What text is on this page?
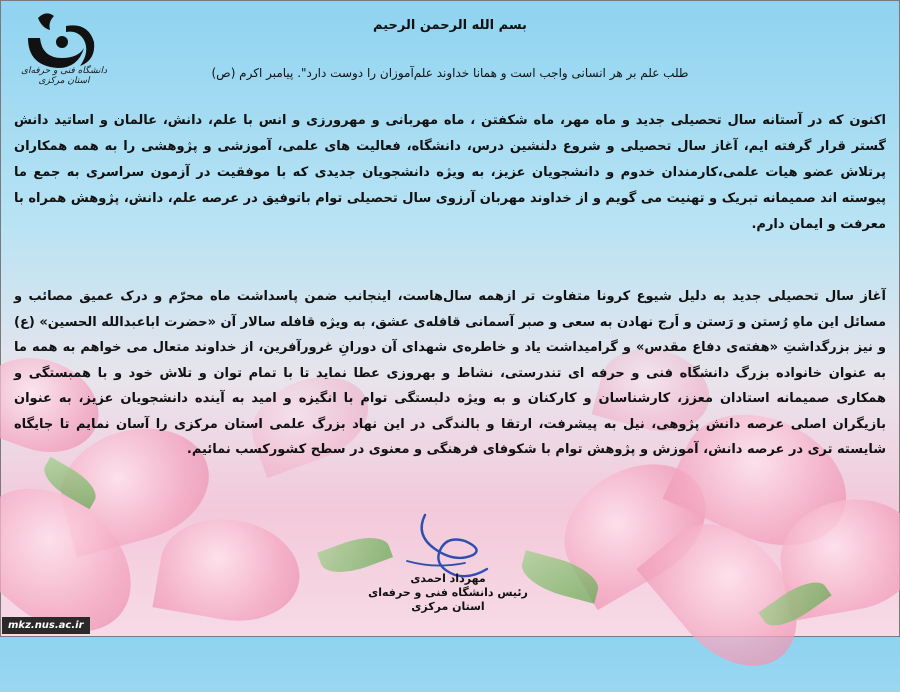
دانشگاه فنی و حرفه‌ای استان مرکزی
بسم الله الرحمن الرحیم
طلب علم بر هر انسانی واجب است و همانا خداوند علم‌آموزان را دوست دارد". پیامبر اکرم (ص)
اکنون که در آستانه سال تحصیلی جدید و ماه مهر، ماه شکفتن ، ماه مهربانی و مهرورزی و انس با علم، دانش، عالمان و اساتید دانش گستر قرار گرفته ایم، آغاز سال تحصیلی و شروع دلنشین درس، دانشگاه، فعالیت های علمی، آموزشی و پژوهشی را به همه همکاران پرتلاش عضو هیات علمی،کارمندان خدوم و دانشجویان عزیز، به ویژه دانشجویان جدیدی که با موفقیت در آزمون سراسری به جمع ما پیوسته اند صمیمانه تبریک و تهنیت می گویم و از خداوند مهربان آرزوی سال تحصیلی توام باتوفیق در عرصه علم، دانش، پژوهش همراه با معرفت و ایمان دارم.
آغاز سال تحصیلی جدید به دلیل شیوع کرونا متفاوت تر ازهمه سال‌هاست، اینجانب ضمن پاسداشت ماه محرّم و درک عمیق مصائب و مسائل این ماهِ رُستن و رَستن و اَرج نهادن به سعی و صبر آسمانی قافله‌ی عشق، به ویژه قافله سالار آن «حضرت اباعبدالله الحسین» (ع) و نیز بزرگداشتِ «هفته‌ی دفاع مقدس» و گرامیداشت یاد و خاطره‌ی شهدای آن دورانِ غرورآفرین، از خداوند متعال می خواهم به همه ما به عنوان خانواده بزرگ دانشگاه فنی و حرفه ای تندرستی، نشاط و بهروزی عطا نماید تا با تمام توان و تلاش خود و با همبستگی و همکاری صمیمانه استادان معزز، کارشناسان و کارکنان و به ویژه دلبستگی توام با انگیزه و امید به آینده دانشجویان عزیز، به عنوان بازیگران اصلی عرصه دانش پژوهی، نیل به پیشرفت، ارتقا و بالندگی در این نهاد بزرگ علمی استان مرکزی را آسان نمایم تا جایگاه شایسته تری در عرصه دانش، آموزش و پژوهش توام با شکوفای فرهنگی و معنوی در سطح کشورکسب نمائیم.
مهرداد احمدی
رئیس دانشگاه فنی و حرفه‌ای
استان مرکزی
mkz.nus.ac.ir
